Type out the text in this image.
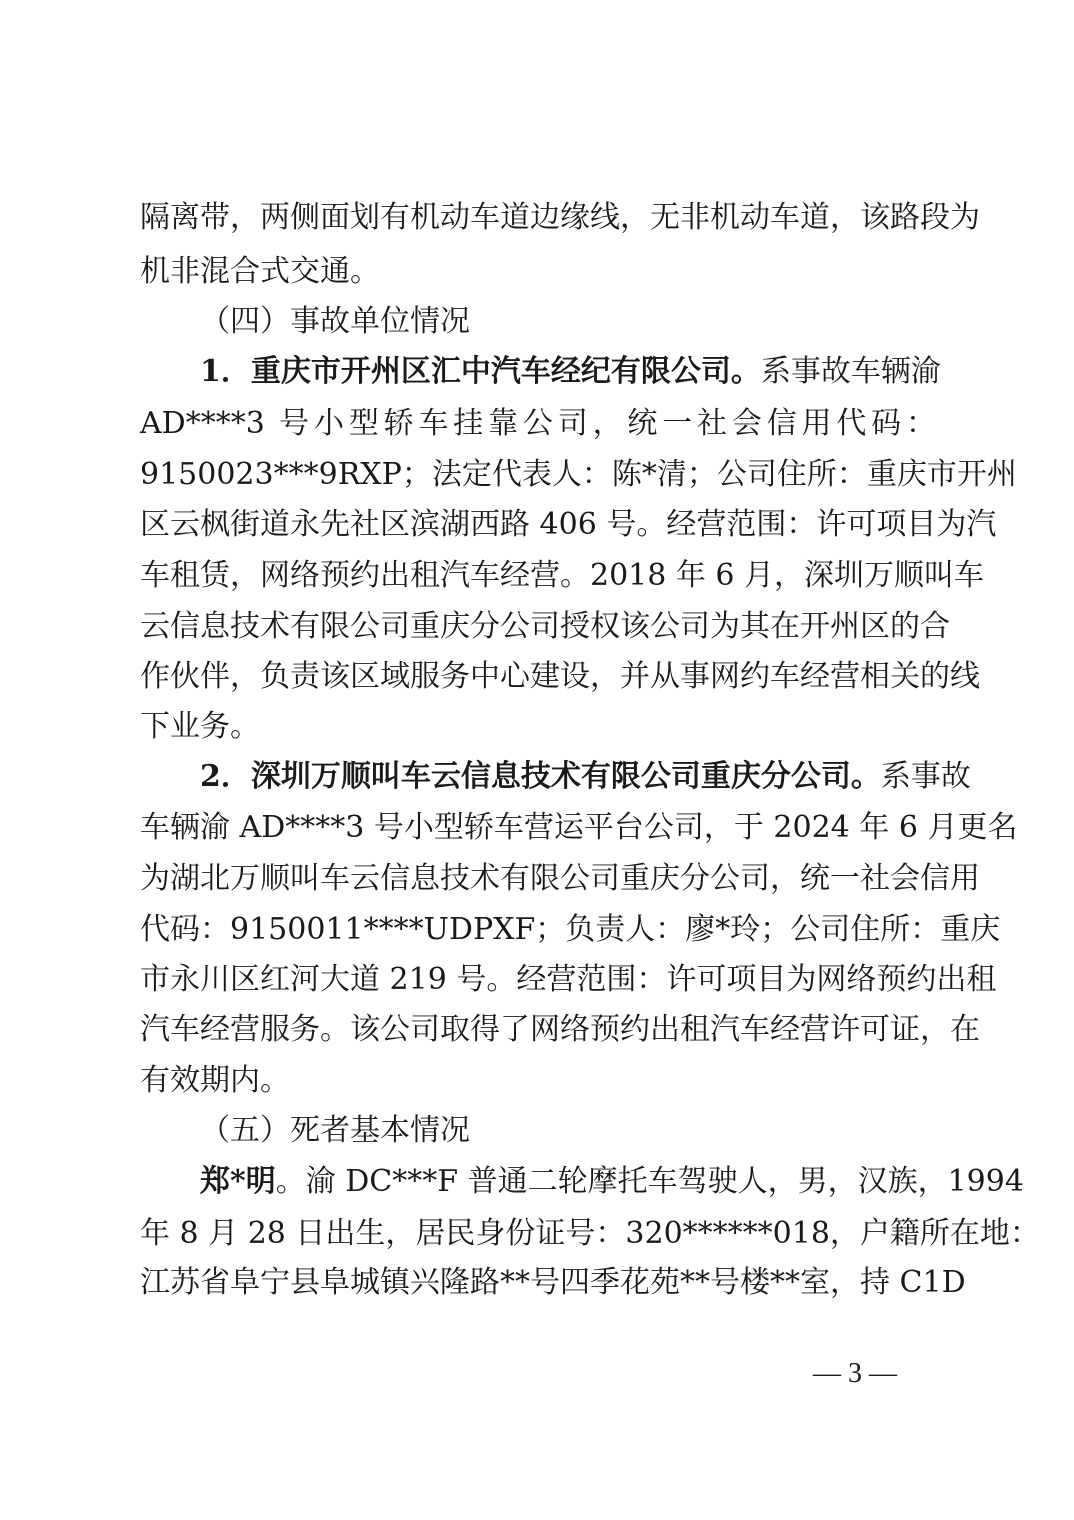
隔离带，两侧面划有机动车道边缘线，无非机动车道，该路段为
机非混合式交通。
（四）事故单位情况
1．重庆市开州区汇中汽车经纪有限公司。系事故车辆渝
AD****3 号小型轿车挂靠公司，统一社会信用代码：
9150023***9RXP；法定代表人：陈*清；公司住所：重庆市开州
区云枫街道永先社区滨湖西路 406 号。经营范围：许可项目为汽
车租赁，网络预约出租汽车经营。2018 年 6 月，深圳万顺叫车
云信息技术有限公司重庆分公司授权该公司为其在开州区的合
作伙伴，负责该区域服务中心建设，并从事网约车经营相关的线
下业务。
2．深圳万顺叫车云信息技术有限公司重庆分公司。系事故
车辆渝 AD****3 号小型轿车营运平台公司，于 2024 年 6 月更名
为湖北万顺叫车云信息技术有限公司重庆分公司，统一社会信用
代码：9150011****UDPXF；负责人：廖*玲；公司住所：重庆
市永川区红河大道 219 号。经营范围：许可项目为网络预约出租
汽车经营服务。该公司取得了网络预约出租汽车经营许可证，在
有效期内。
（五）死者基本情况
郑*明。渝 DC***F 普通二轮摩托车驾驶人，男，汉族，1994
年 8 月 28 日出生，居民身份证号：320******018，户籍所在地：
江苏省阜宁县阜城镇兴隆路**号四季花苑**号楼**室，持 C1D
— 3 —
